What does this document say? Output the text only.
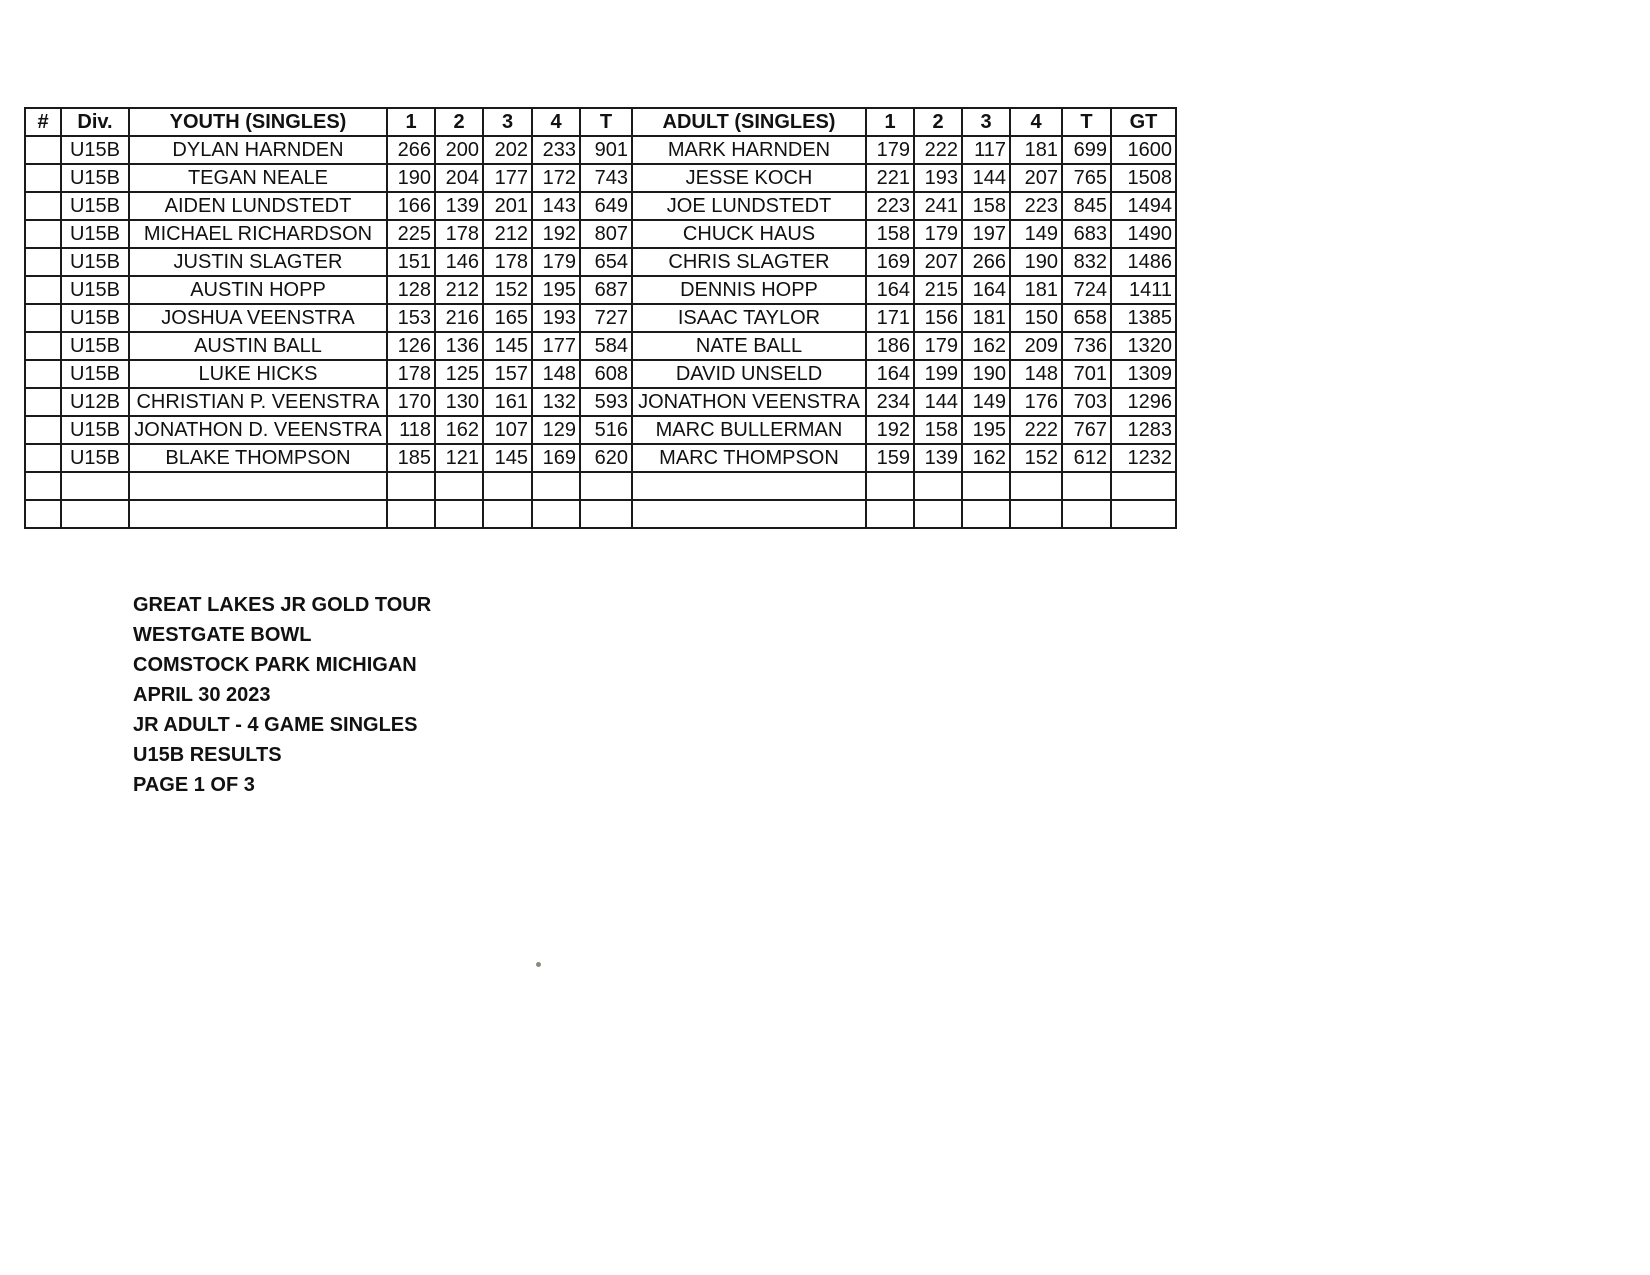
#	Div.	YOUTH (SINGLES)	1	2	3	4	T	ADULT (SINGLES)	1	2	3	4	T	GT
	U15B	DYLAN HARNDEN	266	200	202	233	901	MARK HARNDEN	179	222	117	181	699	1600
	U15B	TEGAN NEALE	190	204	177	172	743	JESSE KOCH	221	193	144	207	765	1508
	U15B	AIDEN LUNDSTEDT	166	139	201	143	649	JOE LUNDSTEDT	223	241	158	223	845	1494
	U15B	MICHAEL RICHARDSON	225	178	212	192	807	CHUCK HAUS	158	179	197	149	683	1490
	U15B	JUSTIN SLAGTER	151	146	178	179	654	CHRIS SLAGTER	169	207	266	190	832	1486
	U15B	AUSTIN HOPP	128	212	152	195	687	DENNIS HOPP	164	215	164	181	724	1411
	U15B	JOSHUA VEENSTRA	153	216	165	193	727	ISAAC TAYLOR	171	156	181	150	658	1385
	U15B	AUSTIN BALL	126	136	145	177	584	NATE BALL	186	179	162	209	736	1320
	U15B	LUKE HICKS	178	125	157	148	608	DAVID UNSELD	164	199	190	148	701	1309
	U12B	CHRISTIAN P. VEENSTRA	170	130	161	132	593	JONATHON VEENSTRA	234	144	149	176	703	1296
	U15B	JONATHON D. VEENSTRA	118	162	107	129	516	MARC BULLERMAN	192	158	195	222	767	1283
	U15B	BLAKE THOMPSON	185	121	145	169	620	MARC THOMPSON	159	139	162	152	612	1232

GREAT LAKES JR GOLD TOUR
WESTGATE BOWL
COMSTOCK PARK MICHIGAN
APRIL 30 2023
JR ADULT - 4 GAME SINGLES
U15B RESULTS
PAGE 1 OF 3
